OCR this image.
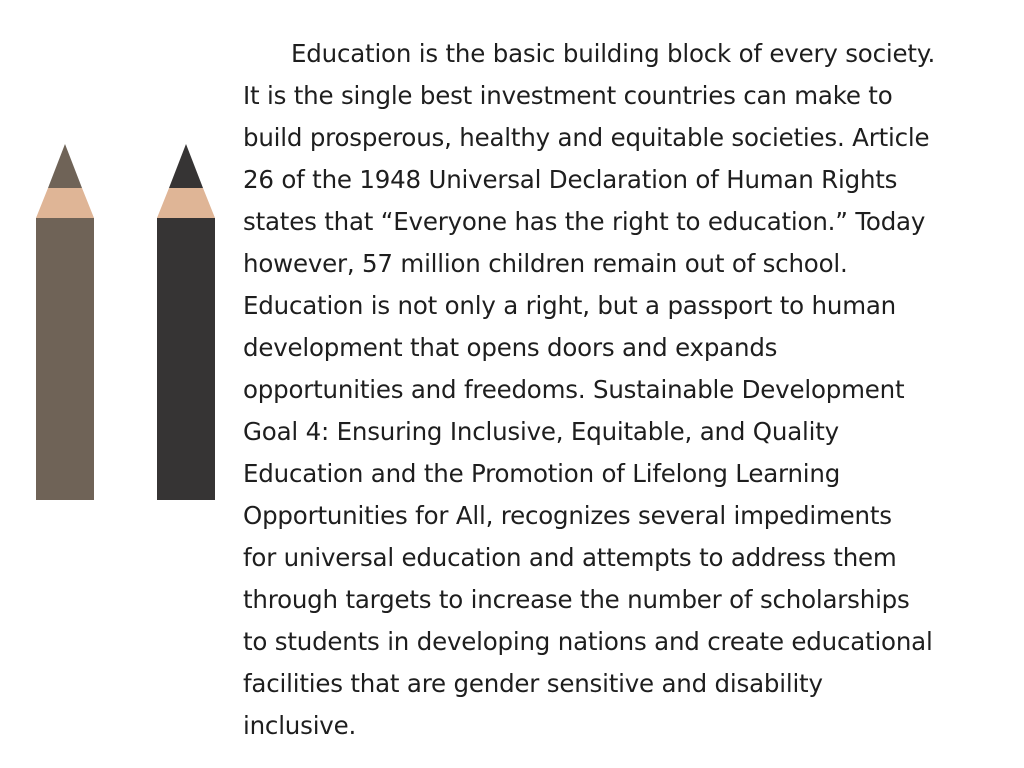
Education is the basic building block of every society.
It is the single best investment countries can make to
build prosperous, healthy and equitable societies. Article
26 of the 1948 Universal Declaration of Human Rights
states that “Everyone has the right to education.” Today
however, 57 million children remain out of school.
Education is not only a right, but a passport to human
development that opens doors and expands
opportunities and freedoms. Sustainable Development
Goal 4: Ensuring Inclusive, Equitable, and Quality
Education and the Promotion of Lifelong Learning
Opportunities for All, recognizes several impediments
for universal education and attempts to address them
through targets to increase the number of scholarships
to students in developing nations and create educational
facilities that are gender sensitive and disability
inclusive.
